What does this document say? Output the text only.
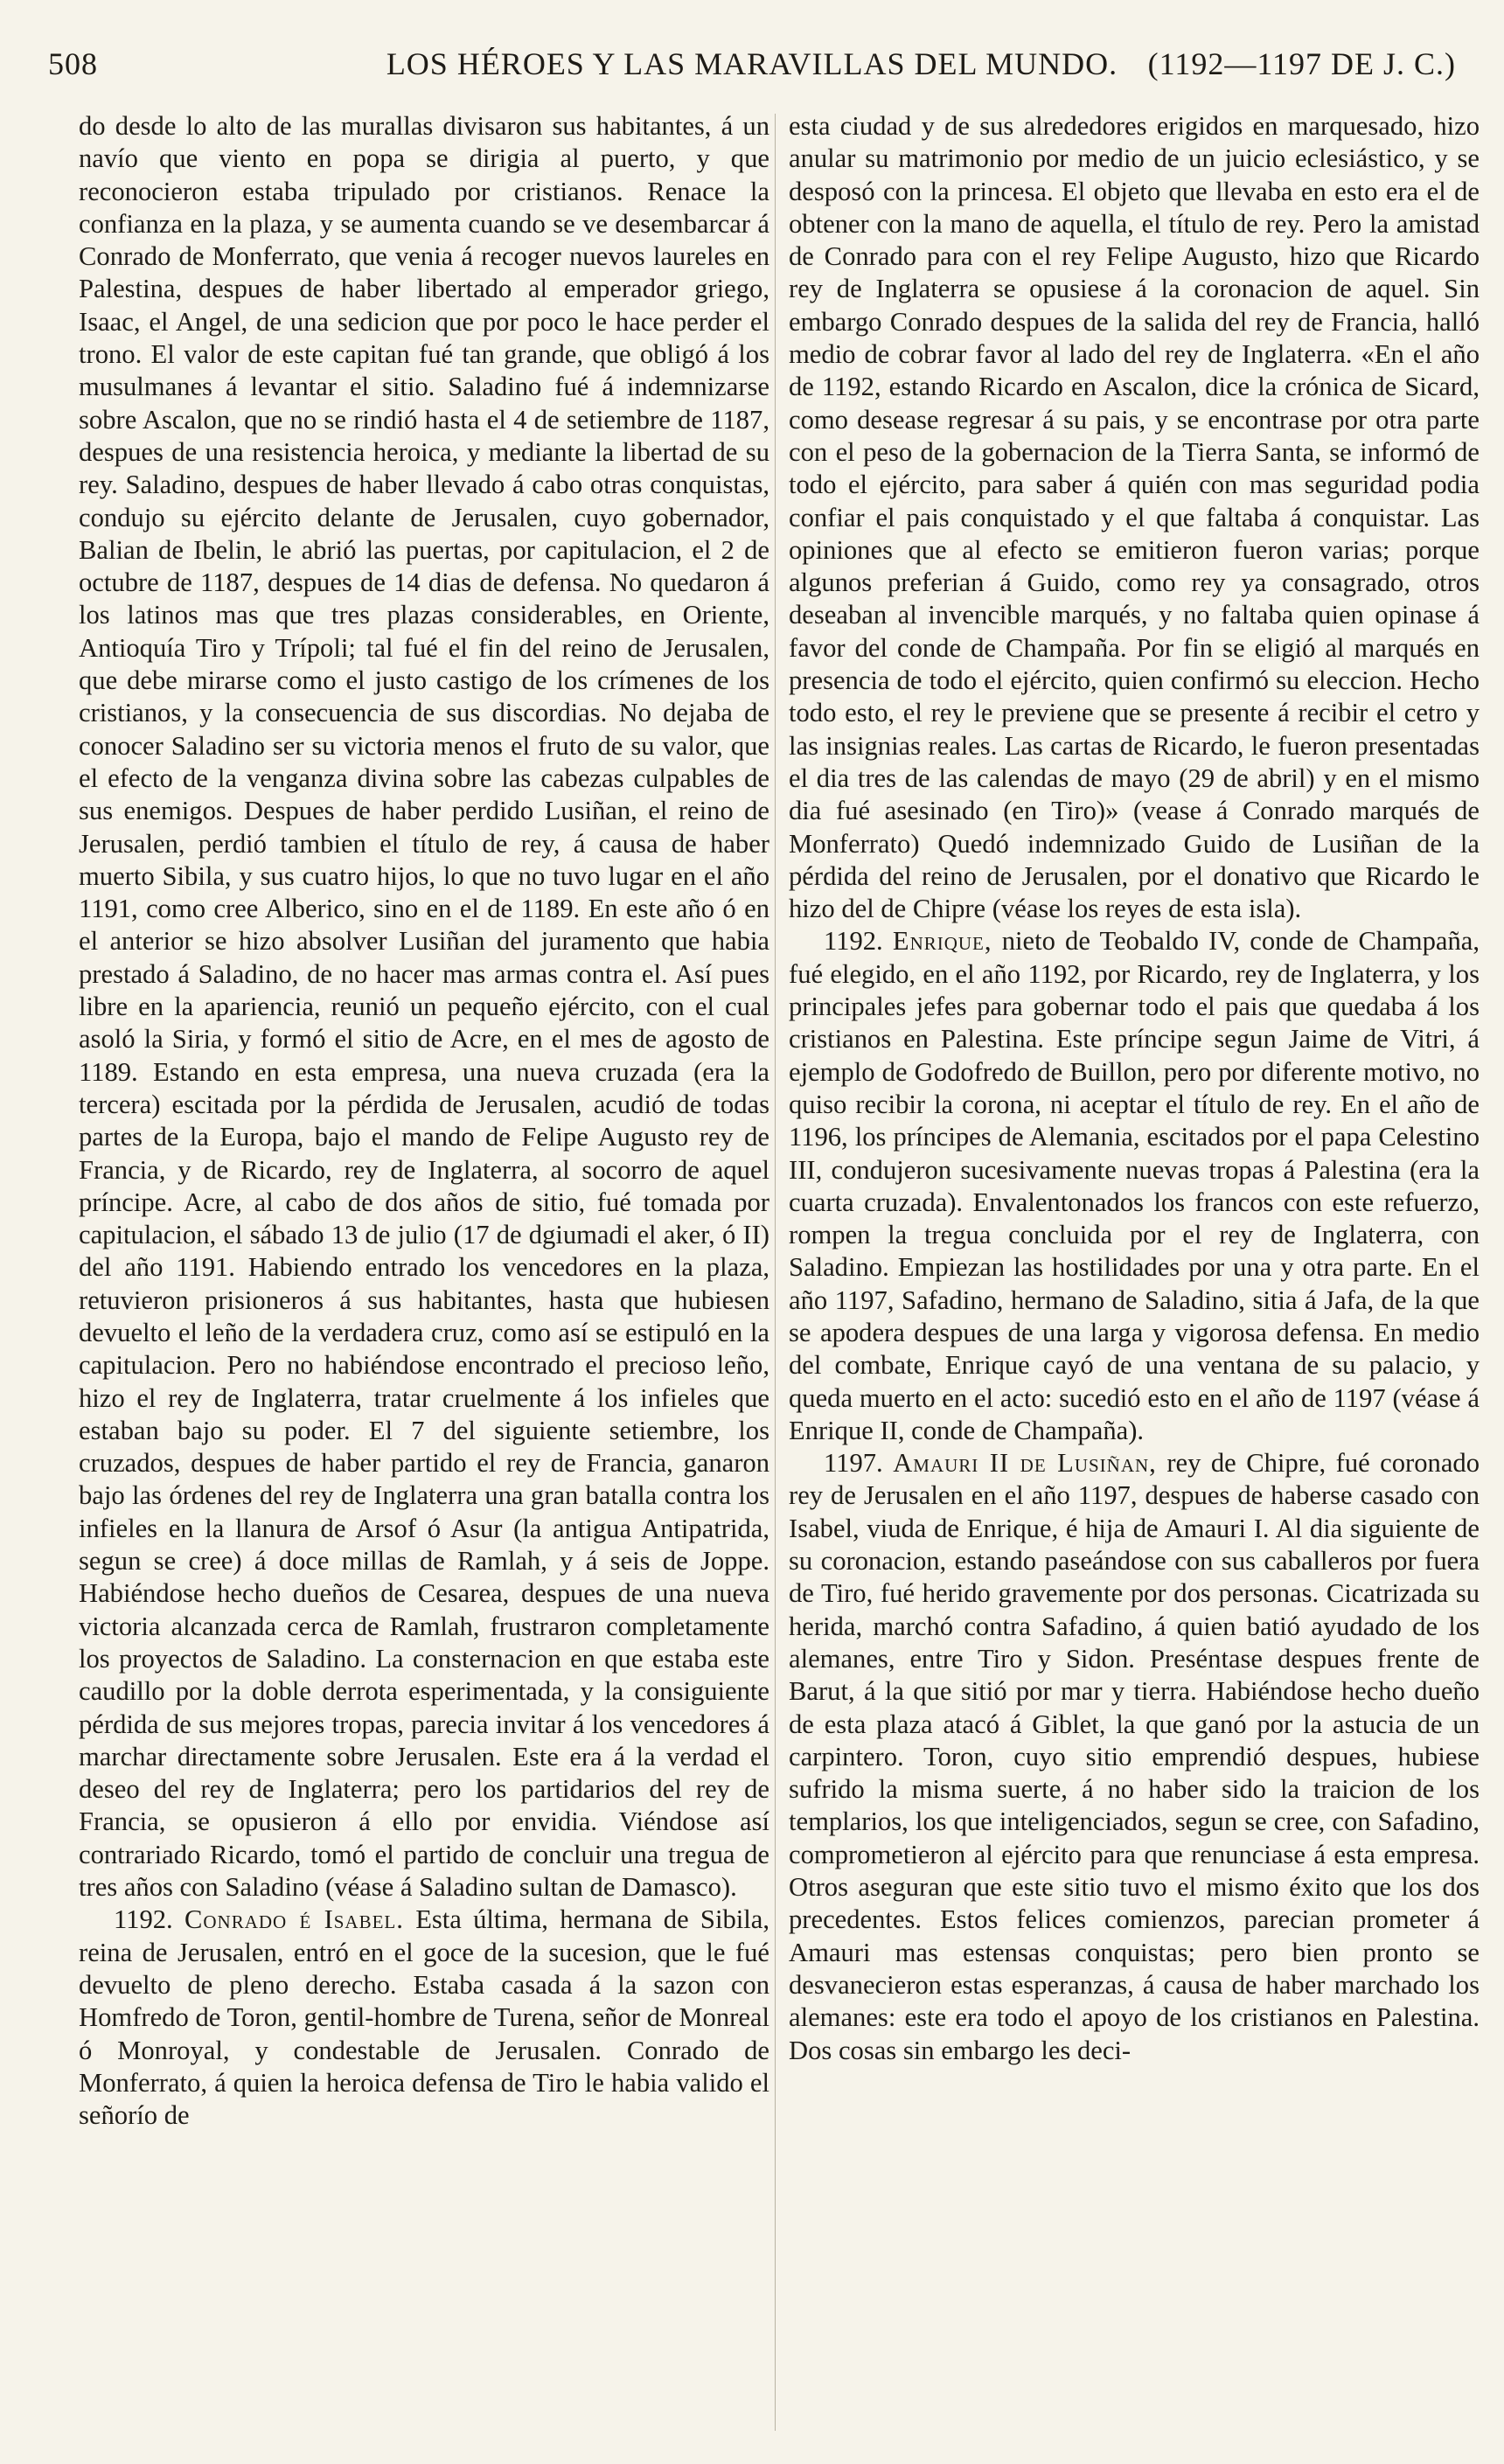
508	LOS HÉROES Y LAS MARAVILLAS DEL MUNDO. (1192—1197 DE J. C.)

do desde lo alto de las murallas divisaron sus habitantes, á un navío que viento en popa se dirigia al puerto, y que reconocieron estaba tripulado por cristianos. Renace la confianza en la plaza, y se aumenta cuando se ve desembarcar á Conrado de Monferrato, que venia á recoger nuevos laureles en Palestina, despues de haber libertado al emperador griego, Isaac, el Angel, de una sedicion que por poco le hace perder el trono. El valor de este capitan fué tan grande, que obligó á los musulmanes á levantar el sitio. Saladino fué á indemnizarse sobre Ascalon, que no se rindió hasta el 4 de setiembre de 1187, despues de una resistencia heroica, y mediante la libertad de su rey. Saladino, despues de haber llevado á cabo otras conquistas, condujo su ejército delante de Jerusalen, cuyo gobernador, Balian de Ibelin, le abrió las puertas, por capitulacion, el 2 de octubre de 1187, despues de 14 dias de defensa. No quedaron á los latinos mas que tres plazas considerables, en Oriente, Antioquía Tiro y Trípoli; tal fué el fin del reino de Jerusalen, que debe mirarse como el justo castigo de los crímenes de los cristianos, y la consecuencia de sus discordias. No dejaba de conocer Saladino ser su victoria menos el fruto de su valor, que el efecto de la venganza divina sobre las cabezas culpables de sus enemigos. Despues de haber perdido Lusiñan, el reino de Jerusalen, perdió tambien el título de rey, á causa de haber muerto Sibila, y sus cuatro hijos, lo que no tuvo lugar en el año 1191, como cree Alberico, sino en el de 1189. En este año ó en el anterior se hizo absolver Lusiñan del juramento que habia prestado á Saladino, de no hacer mas armas contra el. Así pues libre en la apariencia, reunió un pequeño ejército, con el cual asoló la Siria, y formó el sitio de Acre, en el mes de agosto de 1189. Estando en esta empresa, una nueva cruzada (era la tercera) escitada por la pérdida de Jerusalen, acudió de todas partes de la Europa, bajo el mando de Felipe Augusto rey de Francia, y de Ricardo, rey de Inglaterra, al socorro de aquel príncipe. Acre, al cabo de dos años de sitio, fué tomada por capitulacion, el sábado 13 de julio (17 de dgiumadi el aker, ó II) del año 1191. Habiendo entrado los vencedores en la plaza, retuvieron prisioneros á sus habitantes, hasta que hubiesen devuelto el leño de la verdadera cruz, como así se estipuló en la capitulacion. Pero no habiéndose encontrado el precioso leño, hizo el rey de Inglaterra, tratar cruelmente á los infieles que estaban bajo su poder. El 7 del siguiente setiembre, los cruzados, despues de haber partido el rey de Francia, ganaron bajo las órdenes del rey de Inglaterra una gran batalla contra los infieles en la llanura de Arsof ó Asur (la antigua Antipatrida, segun se cree) á doce millas de Ramlah, y á seis de Joppe. Habiéndose hecho dueños de Cesarea, despues de una nueva victoria alcanzada cerca de Ramlah, frustraron completamente los proyectos de Saladino. La consternacion en que estaba este caudillo por la doble derrota esperimentada, y la consiguiente pérdida de sus mejores tropas, parecia invitar á los vencedores á marchar directamente sobre Jerusalen. Este era á la verdad el deseo del rey de Inglaterra; pero los partidarios del rey de Francia, se opusieron á ello por envidia. Viéndose así contrariado Ricardo, tomó el partido de concluir una tregua de tres años con Saladino (véase á Saladino sultan de Damasco).

1192. Conrado é Isabel. Esta última, hermana de Sibila, reina de Jerusalen, entró en el goce de la sucesion, que le fué devuelto de pleno derecho. Estaba casada á la sazon con Homfredo de Toron, gentil-hombre de Turena, señor de Monreal ó Monroyal, y condestable de Jerusalen. Conrado de Monferrato, á quien la heroica defensa de Tiro le habia valido el señorío de

esta ciudad y de sus alrededores erigidos en marquesado, hizo anular su matrimonio por medio de un juicio eclesiástico, y se desposó con la princesa. El objeto que llevaba en esto era el de obtener con la mano de aquella, el título de rey. Pero la amistad de Conrado para con el rey Felipe Augusto, hizo que Ricardo rey de Inglaterra se opusiese á la coronacion de aquel. Sin embargo Conrado despues de la salida del rey de Francia, halló medio de cobrar favor al lado del rey de Inglaterra. «En el año de 1192, estando Ricardo en Ascalon, dice la crónica de Sicard, como desease regresar á su pais, y se encontrase por otra parte con el peso de la gobernacion de la Tierra Santa, se informó de todo el ejército, para saber á quién con mas seguridad podia confiar el pais conquistado y el que faltaba á conquistar. Las opiniones que al efecto se emitieron fueron varias; porque algunos preferian á Guido, como rey ya consagrado, otros deseaban al invencible marqués, y no faltaba quien opinase á favor del conde de Champaña. Por fin se eligió al marqués en presencia de todo el ejército, quien confirmó su eleccion. Hecho todo esto, el rey le previene que se presente á recibir el cetro y las insignias reales. Las cartas de Ricardo, le fueron presentadas el dia tres de las calendas de mayo (29 de abril) y en el mismo dia fué asesinado (en Tiro)» (vease á Conrado marqués de Monferrato) Quedó indemnizado Guido de Lusiñan de la pérdida del reino de Jerusalen, por el donativo que Ricardo le hizo del de Chipre (véase los reyes de esta isla).

1192. Enrique, nieto de Teobaldo IV, conde de Champaña, fué elegido, en el año 1192, por Ricardo, rey de Inglaterra, y los principales jefes para gobernar todo el pais que quedaba á los cristianos en Palestina. Este príncipe segun Jaime de Vitri, á ejemplo de Godofredo de Buillon, pero por diferente motivo, no quiso recibir la corona, ni aceptar el título de rey. En el año de 1196, los príncipes de Alemania, escitados por el papa Celestino III, condujeron sucesivamente nuevas tropas á Palestina (era la cuarta cruzada). Envalentonados los francos con este refuerzo, rompen la tregua concluida por el rey de Inglaterra, con Saladino. Empiezan las hostilidades por una y otra parte. En el año 1197, Safadino, hermano de Saladino, sitia á Jafa, de la que se apodera despues de una larga y vigorosa defensa. En medio del combate, Enrique cayó de una ventana de su palacio, y queda muerto en el acto: sucedió esto en el año de 1197 (véase á Enrique II, conde de Champaña).

1197. Amauri II de Lusiñan, rey de Chipre, fué coronado rey de Jerusalen en el año 1197, despues de haberse casado con Isabel, viuda de Enrique, é hija de Amauri I. Al dia siguiente de su coronacion, estando paseándose con sus caballeros por fuera de Tiro, fué herido gravemente por dos personas. Cicatrizada su herida, marchó contra Safadino, á quien batió ayudado de los alemanes, entre Tiro y Sidon. Preséntase despues frente de Barut, á la que sitió por mar y tierra. Habiéndose hecho dueño de esta plaza atacó á Giblet, la que ganó por la astucia de un carpintero. Toron, cuyo sitio emprendió despues, hubiese sufrido la misma suerte, á no haber sido la traicion de los templarios, los que inteligenciados, segun se cree, con Safadino, comprometieron al ejército para que renunciase á esta empresa. Otros aseguran que este sitio tuvo el mismo éxito que los dos precedentes. Estos felices comienzos, parecian prometer á Amauri mas estensas conquistas; pero bien pronto se desvanecieron estas esperanzas, á causa de haber marchado los alemanes: este era todo el apoyo de los cristianos en Palestina. Dos cosas sin embargo les deci-
